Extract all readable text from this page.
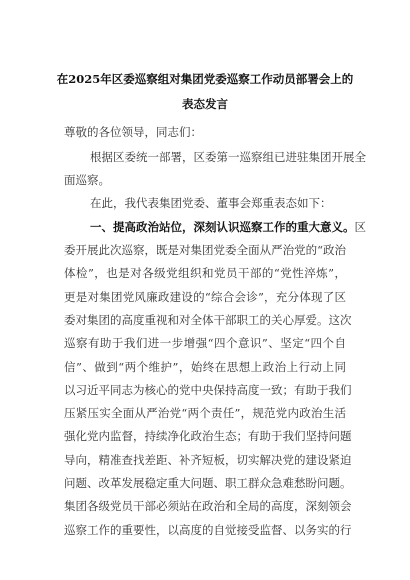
在2025年区委巡察组对集团党委巡察工作动员部署会上的
表态发言
尊敬的各位领导，同志们：
根据区委统一部署，区委第一巡察组已进驻集团开展全
面巡察。
在此，我代表集团党委、董事会郑重表态如下：
一、提高政治站位，深刻认识巡察工作的重大意义。区
委开展此次巡察，既是对集团党委全面从严治党的“政治
体检”，也是对各级党组织和党员干部的“党性淬炼”，
更是对集团党风廉政建设的“综合会诊”，充分体现了区
委对集团的高度重视和对全体干部职工的关心厚爱。这次
巡察有助于我们进一步增强“四个意识”、坚定“四个自
信”、做到“两个维护”，始终在思想上政治上行动上同
以习近平同志为核心的党中央保持高度一致；有助于我们
压紧压实全面从严治党“两个责任”，规范党内政治生活
强化党内监督，持续净化政治生态；有助于我们坚持问题
导向，精准查找差距、补齐短板，切实解决党的建设紧迫
问题、改革发展稳定重大问题、职工群众急难愁盼问题。
集团各级党员干部必须站在政治和全局的高度，深刻领会
巡察工作的重要性，以高度的自觉接受监督、以务实的行
